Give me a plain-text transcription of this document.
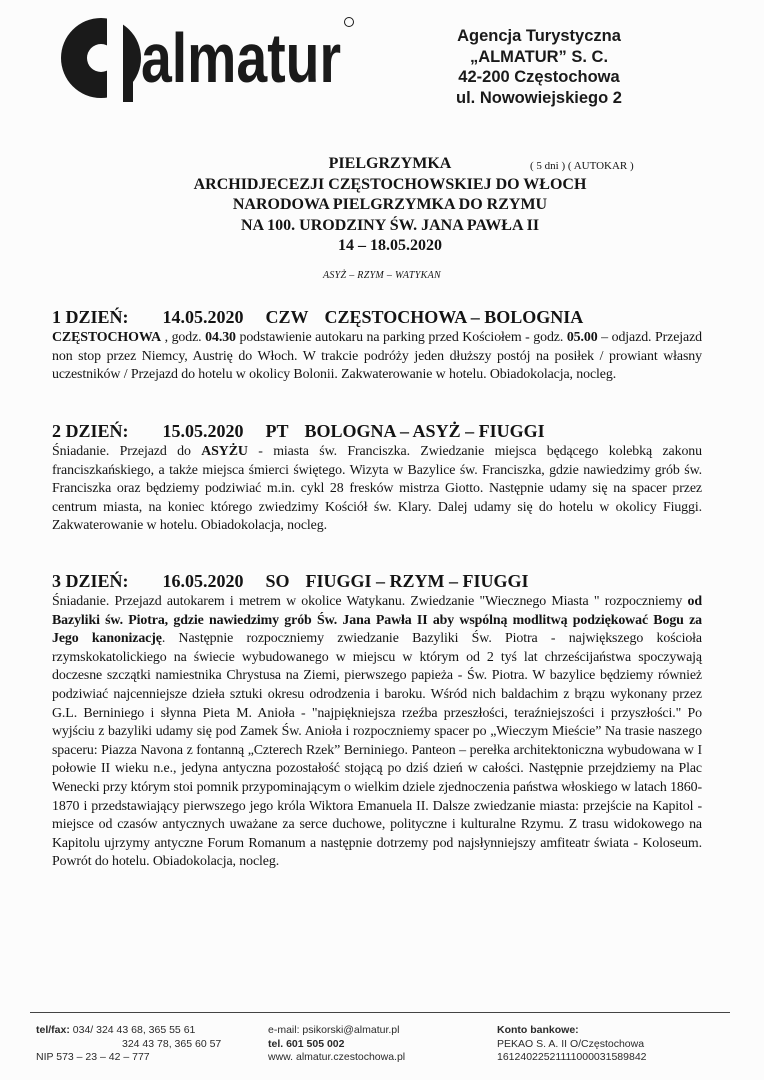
almatur	Agencja Turystyczna
„ALMATUR” S. C.
42-200 Częstochowa
ul. Nowowiejskiego 2
PIELGRZYMKA	( 5 dni ) ( AUTOKAR )
ARCHIDJECEZJI CZĘSTOCHOWSKIEJ DO WŁOCH
NARODOWA PIELGRZYMKA DO RZYMU
NA 100. URODZINY ŚW. JANA PAWŁA II
14 – 18.05.2020
ASYŻ – RZYM – WATYKAN
1 DZIEŃ: 14.05.2020 CZW CZĘSTOCHOWA – BOLOGNIA
CZĘSTOCHOWA , godz. 04.30 podstawienie autokaru na parking przed Kościołem - godz. 05.00 – odjazd. Przejazd non stop przez Niemcy, Austrię do Włoch. W trakcie podróży jeden dłuższy postój na posiłek / prowiant własny uczestników / Przejazd do hotelu w okolicy Bolonii. Zakwaterowanie w hotelu. Obiadokolacja, nocleg.
2 DZIEŃ: 15.05.2020 PT BOLOGNA – ASYŻ – FIUGGI
Śniadanie. Przejazd do ASYŻU - miasta św. Franciszka. Zwiedzanie miejsca będącego kolebką zakonu franciszkańskiego, a także miejsca śmierci świętego. Wizyta w Bazylice św. Franciszka, gdzie nawiedzimy grób św. Franciszka oraz będziemy podziwiać m.in. cykl 28 fresków mistrza Giotto. Następnie udamy się na spacer przez centrum miasta, na koniec którego zwiedzimy Kościół św. Klary. Dalej udamy się do hotelu w okolicy Fiuggi. Zakwaterowanie w hotelu. Obiadokolacja, nocleg.
3 DZIEŃ: 16.05.2020 SO FIUGGI – RZYM – FIUGGI
Śniadanie. Przejazd autokarem i metrem w okolice Watykanu. Zwiedzanie "Wiecznego Miasta " rozpoczniemy od Bazyliki św. Piotra, gdzie nawiedzimy grób Św. Jana Pawła II aby wspólną modlitwą podziękować Bogu za Jego kanonizację. Następnie rozpoczniemy zwiedzanie Bazyliki Św. Piotra - największego kościoła rzymskokatolickiego na świecie wybudowanego w miejscu w którym od 2 tyś lat chrześcijaństwa spoczywają doczesne szczątki namiestnika Chrystusa na Ziemi, pierwszego papieża - Św. Piotra. W bazylice będziemy również podziwiać najcenniejsze dzieła sztuki okresu odrodzenia i baroku. Wśród nich baldachim z brązu wykonany przez G.L. Berniniego i słynna Pieta M. Anioła - "najpiękniejsza rzeźba przeszłości, teraźniejszości i przyszłości." Po wyjściu z bazyliki udamy się pod Zamek Św. Anioła i rozpoczniemy spacer po „Wieczym Mieście” Na trasie naszego spaceru: Piazza Navona z fontanną „Czterech Rzek” Berniniego. Panteon – perełka architektoniczna wybudowana w I połowie II wieku n.e., jedyna antyczna pozostałość stojącą po dziś dzień w całości. Następnie przejdziemy na Plac Wenecki przy którym stoi pomnik przypominającym o wielkim dziele zjednoczenia państwa włoskiego w latach 1860-1870 i przedstawiający pierwszego jego króla Wiktora Emanuela II. Dalsze zwiedzanie miasta: przejście na Kapitol - miejsce od czasów antycznych uważane za serce duchowe, polityczne i kulturalne Rzymu. Z trasu widokowego na Kapitolu ujrzymy antyczne Forum Romanum a następnie dotrzemy pod najsłynniejszy amfiteatr świata - Koloseum. Powrót do hotelu. Obiadokolacja, nocleg.
tel/fax: 034/ 324 43 68, 365 55 61
324 43 78, 365 60 57
NIP 573 – 23 – 42 – 777
e-mail: psikorski@almatur.pl
tel. 601 505 002
www. almatur.czestochowa.pl
Konto bankowe:
PEKAO S. A. II O/Częstochowa
16124022521111000031589842
